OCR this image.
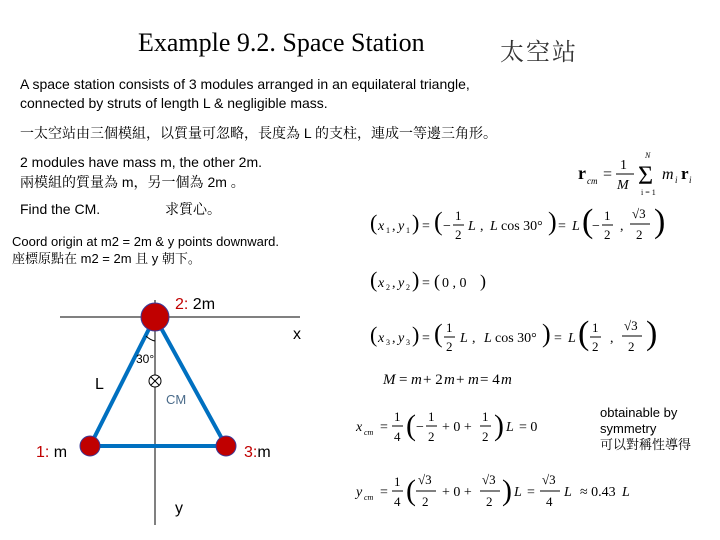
Example 9.2. Space Station	太空站
A space station consists of 3 modules arranged in an equilateral triangle,
connected by struts of length L & negligible mass.
一太空站由三個模組，以質量可忽略，長度為 L 的支柱，連成一等邊三角形。
2 modules have mass m, the other 2m.
兩模組的質量為 m，另一個為 2m 。
Find the CM.	求質心。
Coord origin at m2 = 2m & y points downward.
座標原點在 m2 = 2m 且 y 朝下。
2: 2m
x
30°
L
CM
1: m	3:m
y
r cm =
1
M Σ
N
i = 1
m i r i
( x 1 , y 1 ) = ( −
1
2
L , L cos 30° ) = L (
−
1
2
,
√3
2 )
( x 2 , y 2 ) = ( 0 , 0 )
( x 3 , y 3 ) = ( 1
2
L , L cos 30° ) = L ( 1
2
,
√3
2 )
M = m + 2 m + m = 4 m
x cm =
1
4 ( −
1
2
+ 0 +
1
2 ) L = 0
y cm =
1
4 ( √3
2
+ 0 +
√3
2 ) L =
√3
4
L ≈ 0.43 L
obtainable by
symmetry
可以對稱性導得
